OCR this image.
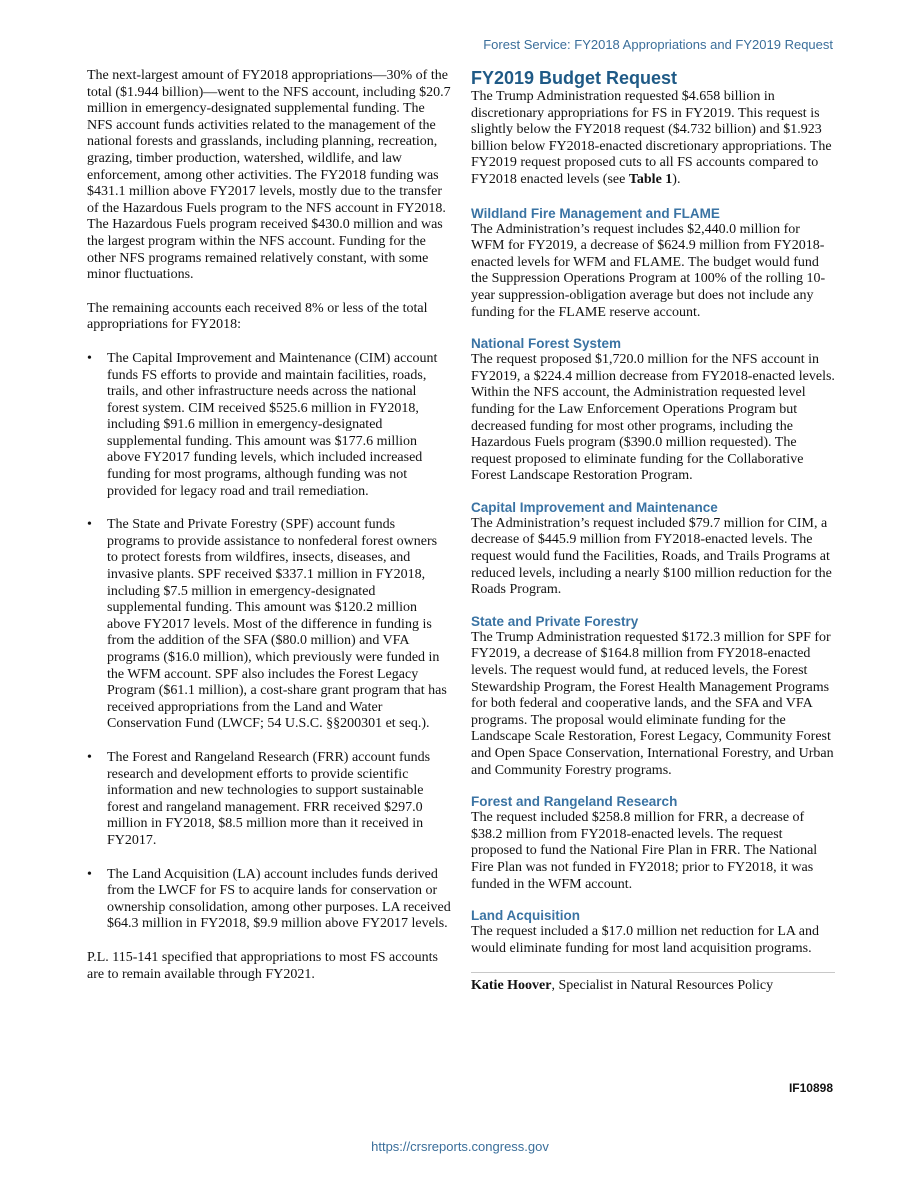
Forest Service: FY2018 Appropriations and FY2019 Request

The next-largest amount of FY2018 appropriations—30% of the total ($1.944 billion)—went to the NFS account, including $20.7 million in emergency-designated supplemental funding. The NFS account funds activities related to the management of the national forests and grasslands, including planning, recreation, grazing, timber production, watershed, wildlife, and law enforcement, among other activities. The FY2018 funding was $431.1 million above FY2017 levels, mostly due to the transfer of the Hazardous Fuels program to the NFS account in FY2018. The Hazardous Fuels program received $430.0 million and was the largest program within the NFS account. Funding for the other NFS programs remained relatively constant, with some minor fluctuations.

The remaining accounts each received 8% or less of the total appropriations for FY2018:

• The Capital Improvement and Maintenance (CIM) account funds FS efforts to provide and maintain facilities, roads, trails, and other infrastructure needs across the national forest system. CIM received $525.6 million in FY2018, including $91.6 million in emergency-designated supplemental funding. This amount was $177.6 million above FY2017 funding levels, which included increased funding for most programs, although funding was not provided for legacy road and trail remediation.
• The State and Private Forestry (SPF) account funds programs to provide assistance to nonfederal forest owners to protect forests from wildfires, insects, diseases, and invasive plants. SPF received $337.1 million in FY2018, including $7.5 million in emergency-designated supplemental funding. This amount was $120.2 million above FY2017 levels. Most of the difference in funding is from the addition of the SFA ($80.0 million) and VFA programs ($16.0 million), which previously were funded in the WFM account. SPF also includes the Forest Legacy Program ($61.1 million), a cost-share grant program that has received appropriations from the Land and Water Conservation Fund (LWCF; 54 U.S.C. §§200301 et seq.).
• The Forest and Rangeland Research (FRR) account funds research and development efforts to provide scientific information and new technologies to support sustainable forest and rangeland management. FRR received $297.0 million in FY2018, $8.5 million more than it received in FY2017.
• The Land Acquisition (LA) account includes funds derived from the LWCF for FS to acquire lands for conservation or ownership consolidation, among other purposes. LA received $64.3 million in FY2018, $9.9 million above FY2017 levels.

P.L. 115-141 specified that appropriations to most FS accounts are to remain available through FY2021.

FY2019 Budget Request

The Trump Administration requested $4.658 billion in discretionary appropriations for FS in FY2019. This request is slightly below the FY2018 request ($4.732 billion) and $1.923 billion below FY2018-enacted discretionary appropriations. The FY2019 request proposed cuts to all FS accounts compared to FY2018 enacted levels (see Table 1).

Wildland Fire Management and FLAME

The Administration’s request includes $2,440.0 million for WFM for FY2019, a decrease of $624.9 million from FY2018-enacted levels for WFM and FLAME. The budget would fund the Suppression Operations Program at 100% of the rolling 10-year suppression-obligation average but does not include any funding for the FLAME reserve account.

National Forest System

The request proposed $1,720.0 million for the NFS account in FY2019, a $224.4 million decrease from FY2018-enacted levels. Within the NFS account, the Administration requested level funding for the Law Enforcement Operations Program but decreased funding for most other programs, including the Hazardous Fuels program ($390.0 million requested). The request proposed to eliminate funding for the Collaborative Forest Landscape Restoration Program.

Capital Improvement and Maintenance

The Administration’s request included $79.7 million for CIM, a decrease of $445.9 million from FY2018-enacted levels. The request would fund the Facilities, Roads, and Trails Programs at reduced levels, including a nearly $100 million reduction for the Roads Program.

State and Private Forestry

The Trump Administration requested $172.3 million for SPF for FY2019, a decrease of $164.8 million from FY2018-enacted levels. The request would fund, at reduced levels, the Forest Stewardship Program, the Forest Health Management Programs for both federal and cooperative lands, and the SFA and VFA programs. The proposal would eliminate funding for the Landscape Scale Restoration, Forest Legacy, Community Forest and Open Space Conservation, International Forestry, and Urban and Community Forestry programs.

Forest and Rangeland Research

The request included $258.8 million for FRR, a decrease of $38.2 million from FY2018-enacted levels. The request proposed to fund the National Fire Plan in FRR. The National Fire Plan was not funded in FY2018; prior to FY2018, it was funded in the WFM account.

Land Acquisition

The request included a $17.0 million net reduction for LA and would eliminate funding for most land acquisition programs.

Katie Hoover, Specialist in Natural Resources Policy

IF10898
https://crsreports.congress.gov
